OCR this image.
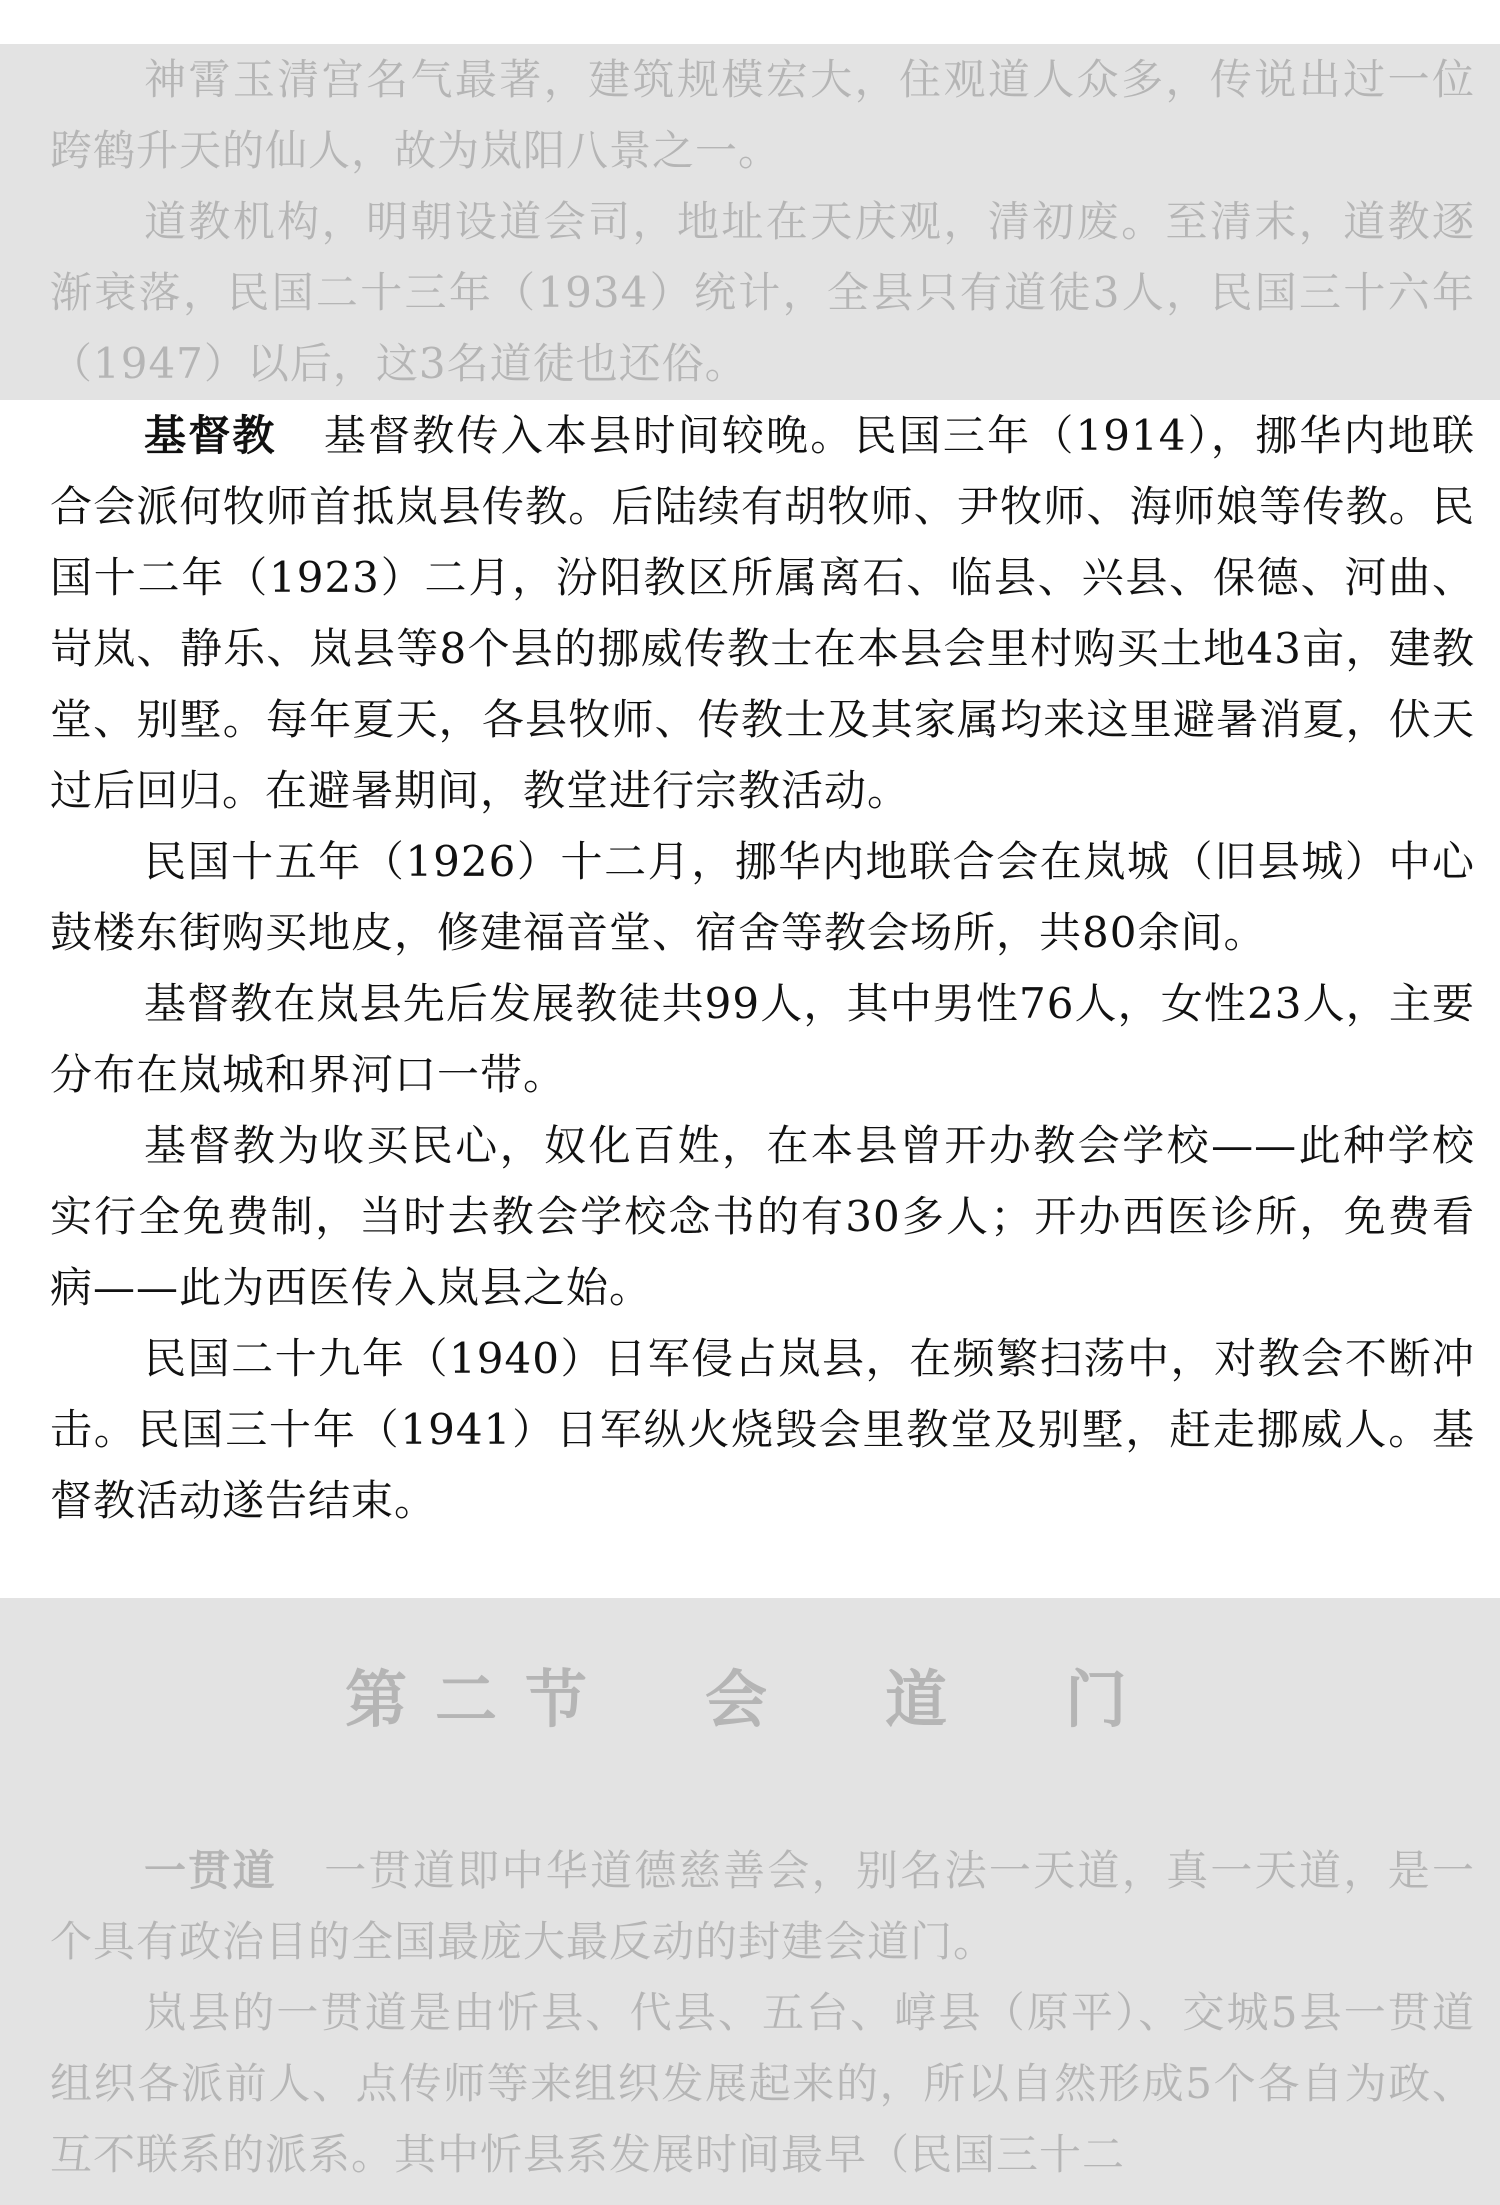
神霄玉清宫名气最著，建筑规模宏大，住观道人众多，传说出过一位跨鹤升天的仙人，故为岚阳八景之一。

道教机构，明朝设道会司，地址在天庆观，清初废。至清末，道教逐渐衰落，民国二十三年（1934）统计，全县只有道徒3人，民国三十六年（1947）以后，这3名道徒也还俗。

基督教 基督教传入本县时间较晚。民国三年（1914），挪华内地联合会派何牧师首抵岚县传教。后陆续有胡牧师、尹牧师、海师娘等传教。民国十二年（1923）二月，汾阳教区所属离石、临县、兴县、保德、河曲、岢岚、静乐、岚县等8个县的挪威传教士在本县会里村购买土地43亩，建教堂、别墅。每年夏天，各县牧师、传教士及其家属均来这里避暑消夏，伏天过后回归。在避暑期间，教堂进行宗教活动。

民国十五年（1926）十二月，挪华内地联合会在岚城（旧县城）中心鼓楼东街购买地皮，修建福音堂、宿舍等教会场所，共80余间。

基督教在岚县先后发展教徒共99人，其中男性76人，女性23人，主要分布在岚城和界河口一带。

基督教为收买民心，奴化百姓，在本县曾开办教会学校——此种学校实行全免费制，当时去教会学校念书的有30多人；开办西医诊所，免费看病——此为西医传入岚县之始。

民国二十九年（1940）日军侵占岚县，在频繁扫荡中，对教会不断冲击。民国三十年（1941）日军纵火烧毁会里教堂及别墅，赶走挪威人。基督教活动遂告结束。

第二节　会　道　门

一贯道 一贯道即中华道德慈善会，别名法一天道，真一天道，是一个具有政治目的全国最庞大最反动的封建会道门。

岚县的一贯道是由忻县、代县、五台、崞县（原平）、交城5县一贯道组织各派前人、点传师等来组织发展起来的，所以自然形成5个各自为政、互不联系的派系。其中忻县系发展时间最早（民国三十二
